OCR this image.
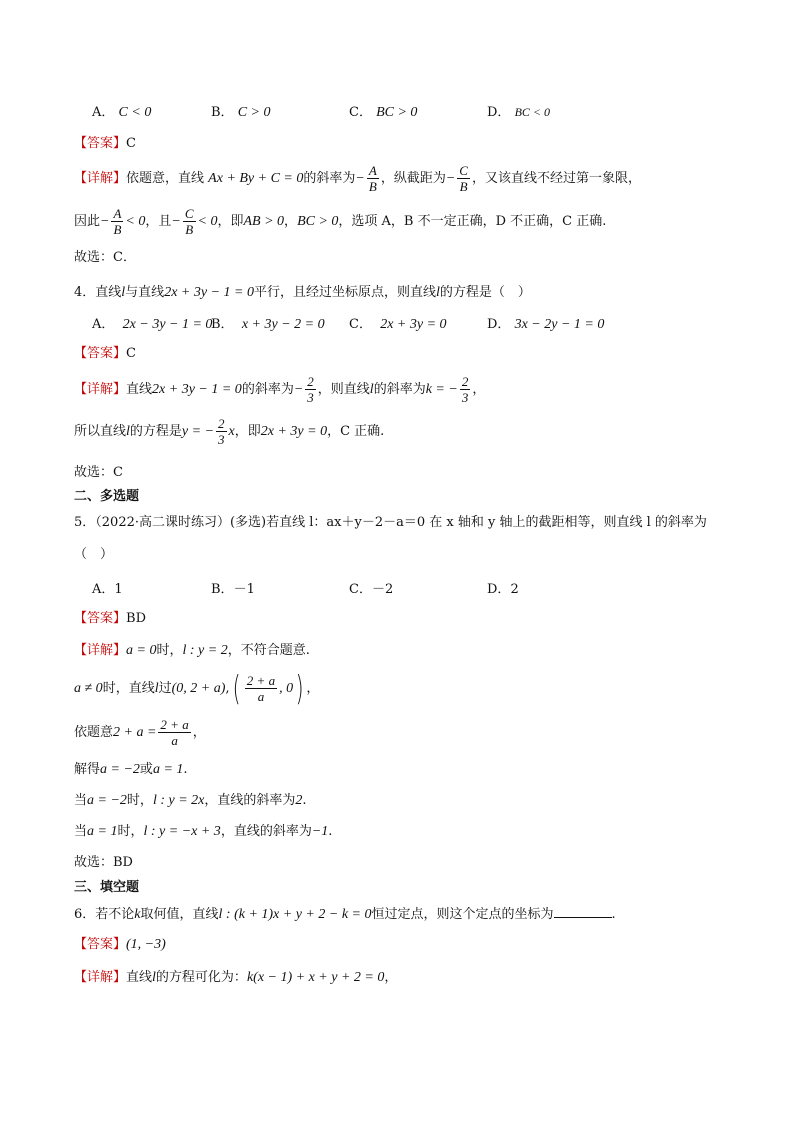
A． C < 0	B． C > 0	C． BC > 0	D． BC < 0
【答案】C
【详解】依题意，直线 Ax + By + C = 0的斜率为− $\frac{A}{B}$ ，纵截距为− $\frac{C}{B}$ ，又该直线不经过第一象限，
因此− $\frac{A}{B} < 0$，且− $\frac{C}{B} < 0$，即AB > 0，BC > 0，选项 A，B 不一定正确，D 不正确，C 正确.
故选：C．
4．直线l与直线2x + 3y − 1 = 0平行，且经过坐标原点，则直线l的方程是（　）
A． 2x − 3y − 1 = 0
B． x + 3y − 2 = 0 C． 2x + 3y = 0	D． 3x − 2y − 1 = 0
【答案】C
【详解】直线2x + 3y − 1 = 0的斜率为− $\frac{2}{3}$ ，则直线l的斜率为k = − $\frac{2}{3}$ ，
所以直线l的方程是y = − $\frac{2}{3}$ x，即2x + 3y = 0，C 正确.
故选：C
二、多选题
5．（2022·高二课时练习）(多选)若直线 l：ax＋y－2－a＝0 在 x 轴和 y 轴上的截距相等，则直线 l 的斜率为
（　）
A．1	B．－1	C．－2	D．2
【答案】BD
【详解】a = 0时，l : y = 2，不符合题意.
a ≠ 0时，直线l过(0, $2 + a),( \frac{2 + a}{a}$ , 0) ，
依题意$2 + a = \frac{2 + a}{a}$ ，
解得a = −2或a = 1.
当a = −2时，l : y = 2x，直线的斜率为2.
当a = 1时，l : y = −x + 3，直线的斜率为−1.
故选：BD
三、填空题
6．若不论k取何值，直线l : (k + 1)x + y + 2 − k = 0恒过定点，则这个定点的坐标为	.
【答案】(1, −3)
【详解】直线l的方程可化为：k(x − 1) + x + y + 2 = 0，
